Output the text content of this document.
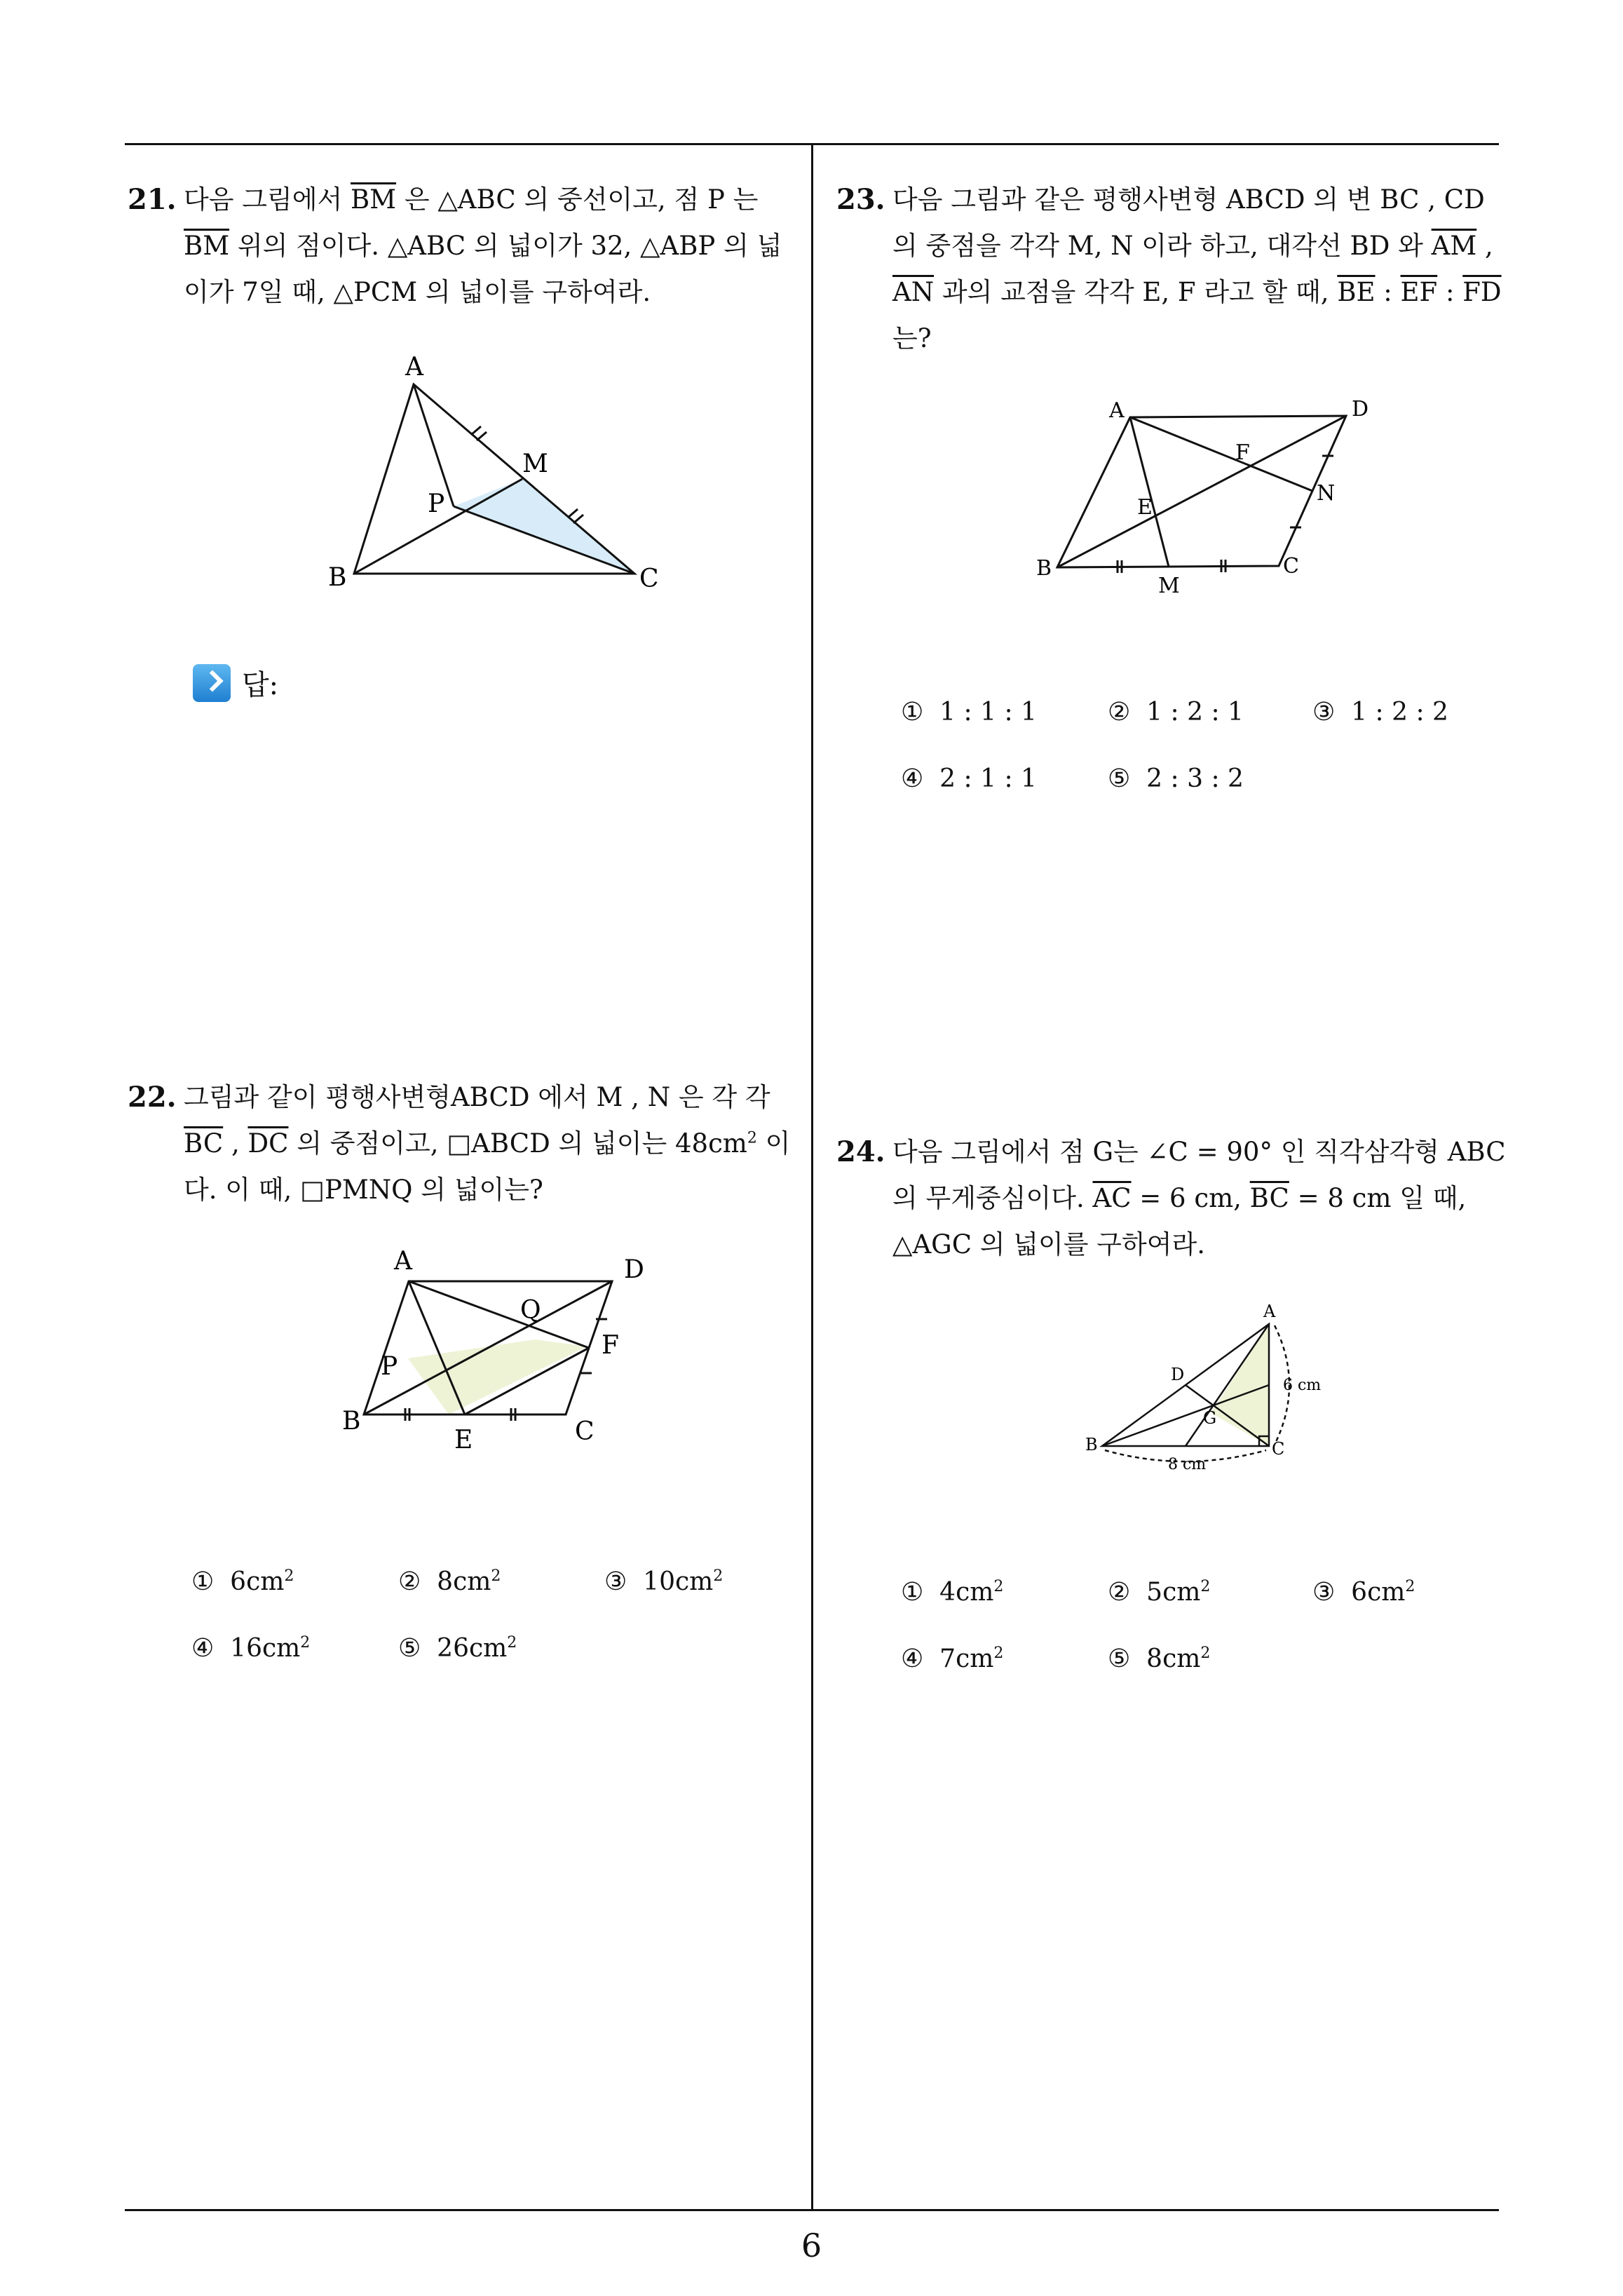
21. 다음 그림에서 $\overline{BM}$ 은 △ABC 의 중선이고, 점 P 는
$\overline{BM}$ 위의 점이다. △ABC 의 넓이가 32, △ABP 의 넓
이가 7일 때, △PCM 의 넓이를 구하여라.
A
B	C
M
P
답:
22. 그림과 같이 평행사변형ABCD 에서 M , N 은 각 각
$\overline{BC}$ , $\overline{DC}$ 의 중점이고, □ABCD 의 넓이는 $48cm^2$ 이
다. 이 때, □PMNQ 의 넓이는?
A	D
B	C
E
F
P
Q
① $6cm^2$	② $8cm^2$	③ $10cm^2$
④ $16cm^2$	⑤ $26cm^2$
23. 다음 그림과 같은 평행사변형 ABCD 의 변 BC , CD
의 중점을 각각 M, N 이라 하고, 대각선 BD 와 $\overline{AM}$ ,
$\overline{AN}$ 과의 교점을 각각 E, F 라고 할 때, $\overline{BE}$ : $\overline{EF}$ : $\overline{FD}$
는?
A	D
B	C
M
N
E
F
① 1 : 1 : 1	② 1 : 2 : 1	③ 1 : 2 : 2
④ 2 : 1 : 1	⑤ 2 : 3 : 2
24. 다음 그림에서 점 G는 ∠C = 90° 인 직각삼각형 ABC
의 무게중심이다. $\overline{AC} = 6$ cm, $\overline{BC} = 8$ cm 일 때,
△AGC 의 넓이를 구하여라.
A
B	C
D
G
6 cm
8 cm
① $4cm^2$	② $5cm^2$	③ $6cm^2$
④ $7cm^2$	⑤ $8cm^2$
6
